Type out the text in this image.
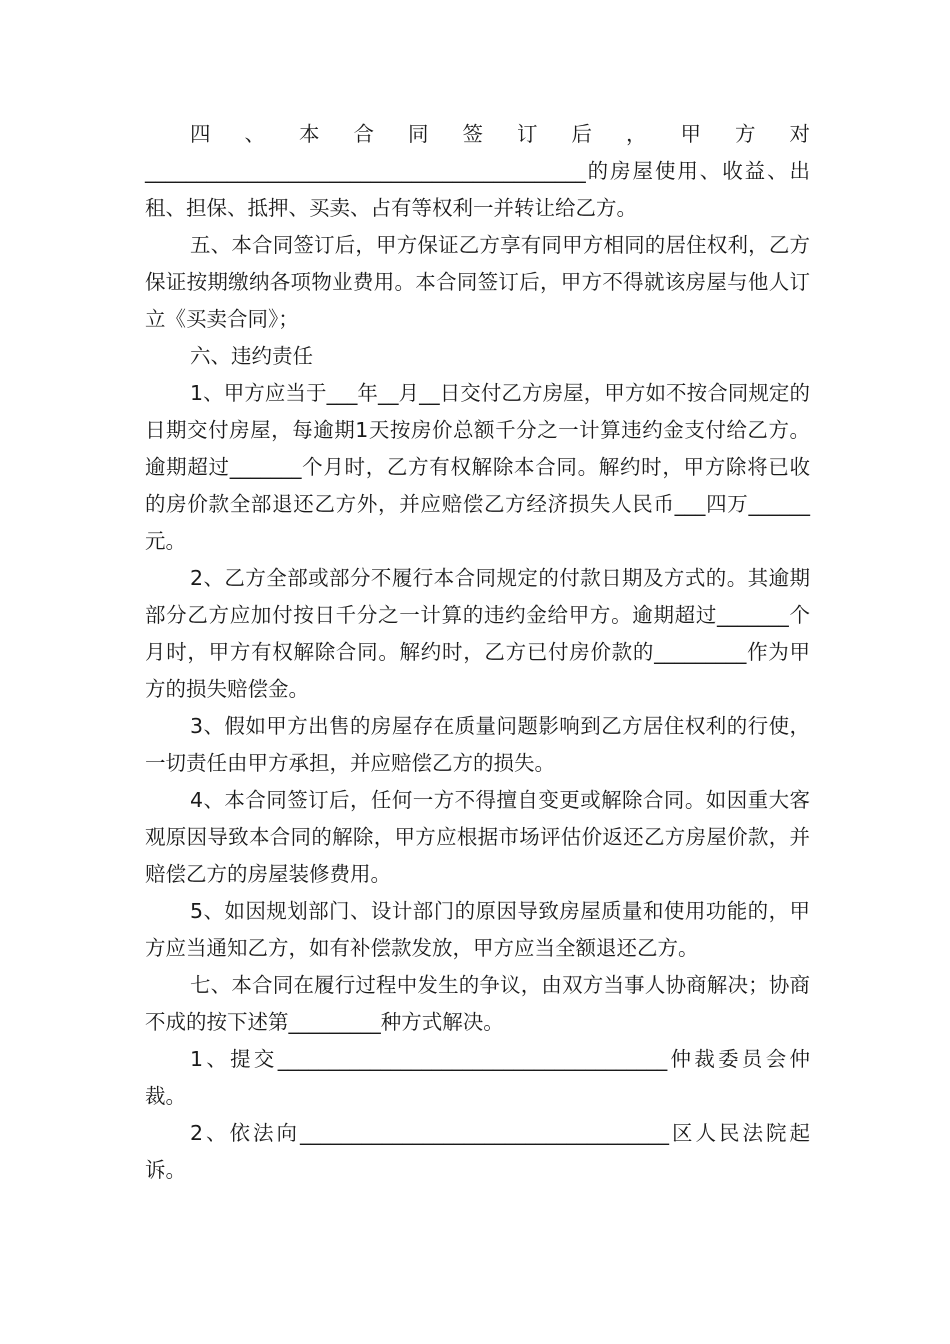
四、本合同签订后，甲方对___________________________________________的房屋使用、收益、出租、担保、抵押、买卖、占有等权利一并转让给乙方。

五、本合同签订后，甲方保证乙方享有同甲方相同的居住权利，乙方保证按期缴纳各项物业费用。本合同签订后，甲方不得就该房屋与他人订立《买卖合同》；

六、违约责任

1、甲方应当于___年__月__日交付乙方房屋，甲方如不按合同规定的日期交付房屋，每逾期1天按房价总额千分之一计算违约金支付给乙方。逾期超过_______个月时，乙方有权解除本合同。解约时，甲方除将已收的房价款全部退还乙方外，并应赔偿乙方经济损失人民币___四万______元。

2、乙方全部或部分不履行本合同规定的付款日期及方式的。其逾期部分乙方应加付按日千分之一计算的违约金给甲方。逾期超过_______个月时，甲方有权解除合同。解约时，乙方已付房价款的_________作为甲方的损失赔偿金。

3、假如甲方出售的房屋存在质量问题影响到乙方居住权利的行使，一切责任由甲方承担，并应赔偿乙方的损失。

4、本合同签订后，任何一方不得擅自变更或解除合同。如因重大客观原因导致本合同的解除，甲方应根据市场评估价返还乙方房屋价款，并赔偿乙方的房屋装修费用。

5、如因规划部门、设计部门的原因导致房屋质量和使用功能的，甲方应当通知乙方，如有补偿款发放，甲方应当全额退还乙方。

七、本合同在履行过程中发生的争议，由双方当事人协商解决；协商不成的按下述第_________种方式解决。

1、提交______________________________________仲裁委员会仲裁。

2、依法向____________________________________区人民法院起诉。
